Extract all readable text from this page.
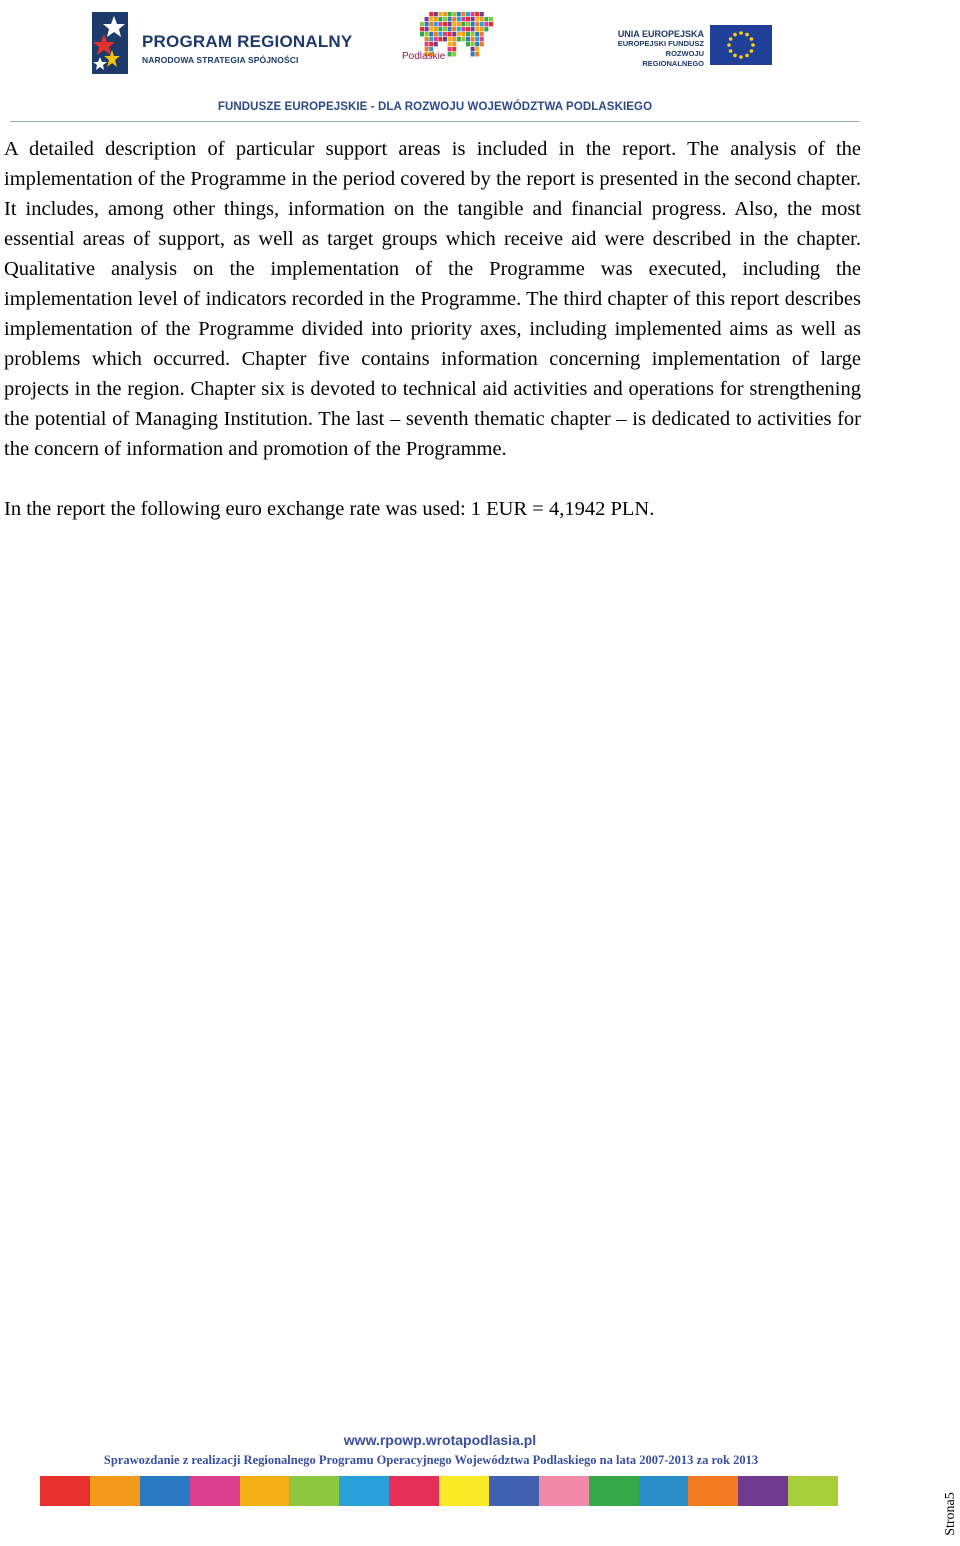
PROGRAM REGIONALNY
NARODOWA STRATEGIA SPÓJNOŚCI	Podlaskie
UNIA EUROPEJSKA
EUROPEJSKI FUNDUSZ
ROZWOJU REGIONALNEGO
FUNDUSZE EUROPEJSKIE - DLA ROZWOJU WOJEWÓDZTWA PODLASKIEGO

A detailed description of particular support areas is included in the report. The analysis of the implementation of the Programme in the period covered by the report is presented in the second chapter. It includes, among other things, information on the tangible and financial progress. Also, the most essential areas of support, as well as target groups which receive aid were described in the chapter. Qualitative analysis on the implementation of the Programme was executed, including the implementation level of indicators recorded in the Programme. The third chapter of this report describes implementation of the Programme divided into priority axes, including implemented aims as well as problems which occurred. Chapter five contains information concerning implementation of large projects in the region. Chapter six is devoted to technical aid activities and operations for strengthening the potential of Managing Institution. The last – seventh thematic chapter – is dedicated to activities for the concern of information and promotion of the Programme.

In the report the following euro exchange rate was used: 1 EUR = 4,1942 PLN.

www.rpowp.wrotapodlasia.pl
Sprawozdanie z realizacji Regionalnego Programu Operacyjnego Województwa Podlaskiego na lata 2007-2013 za rok 2013
Strona5
